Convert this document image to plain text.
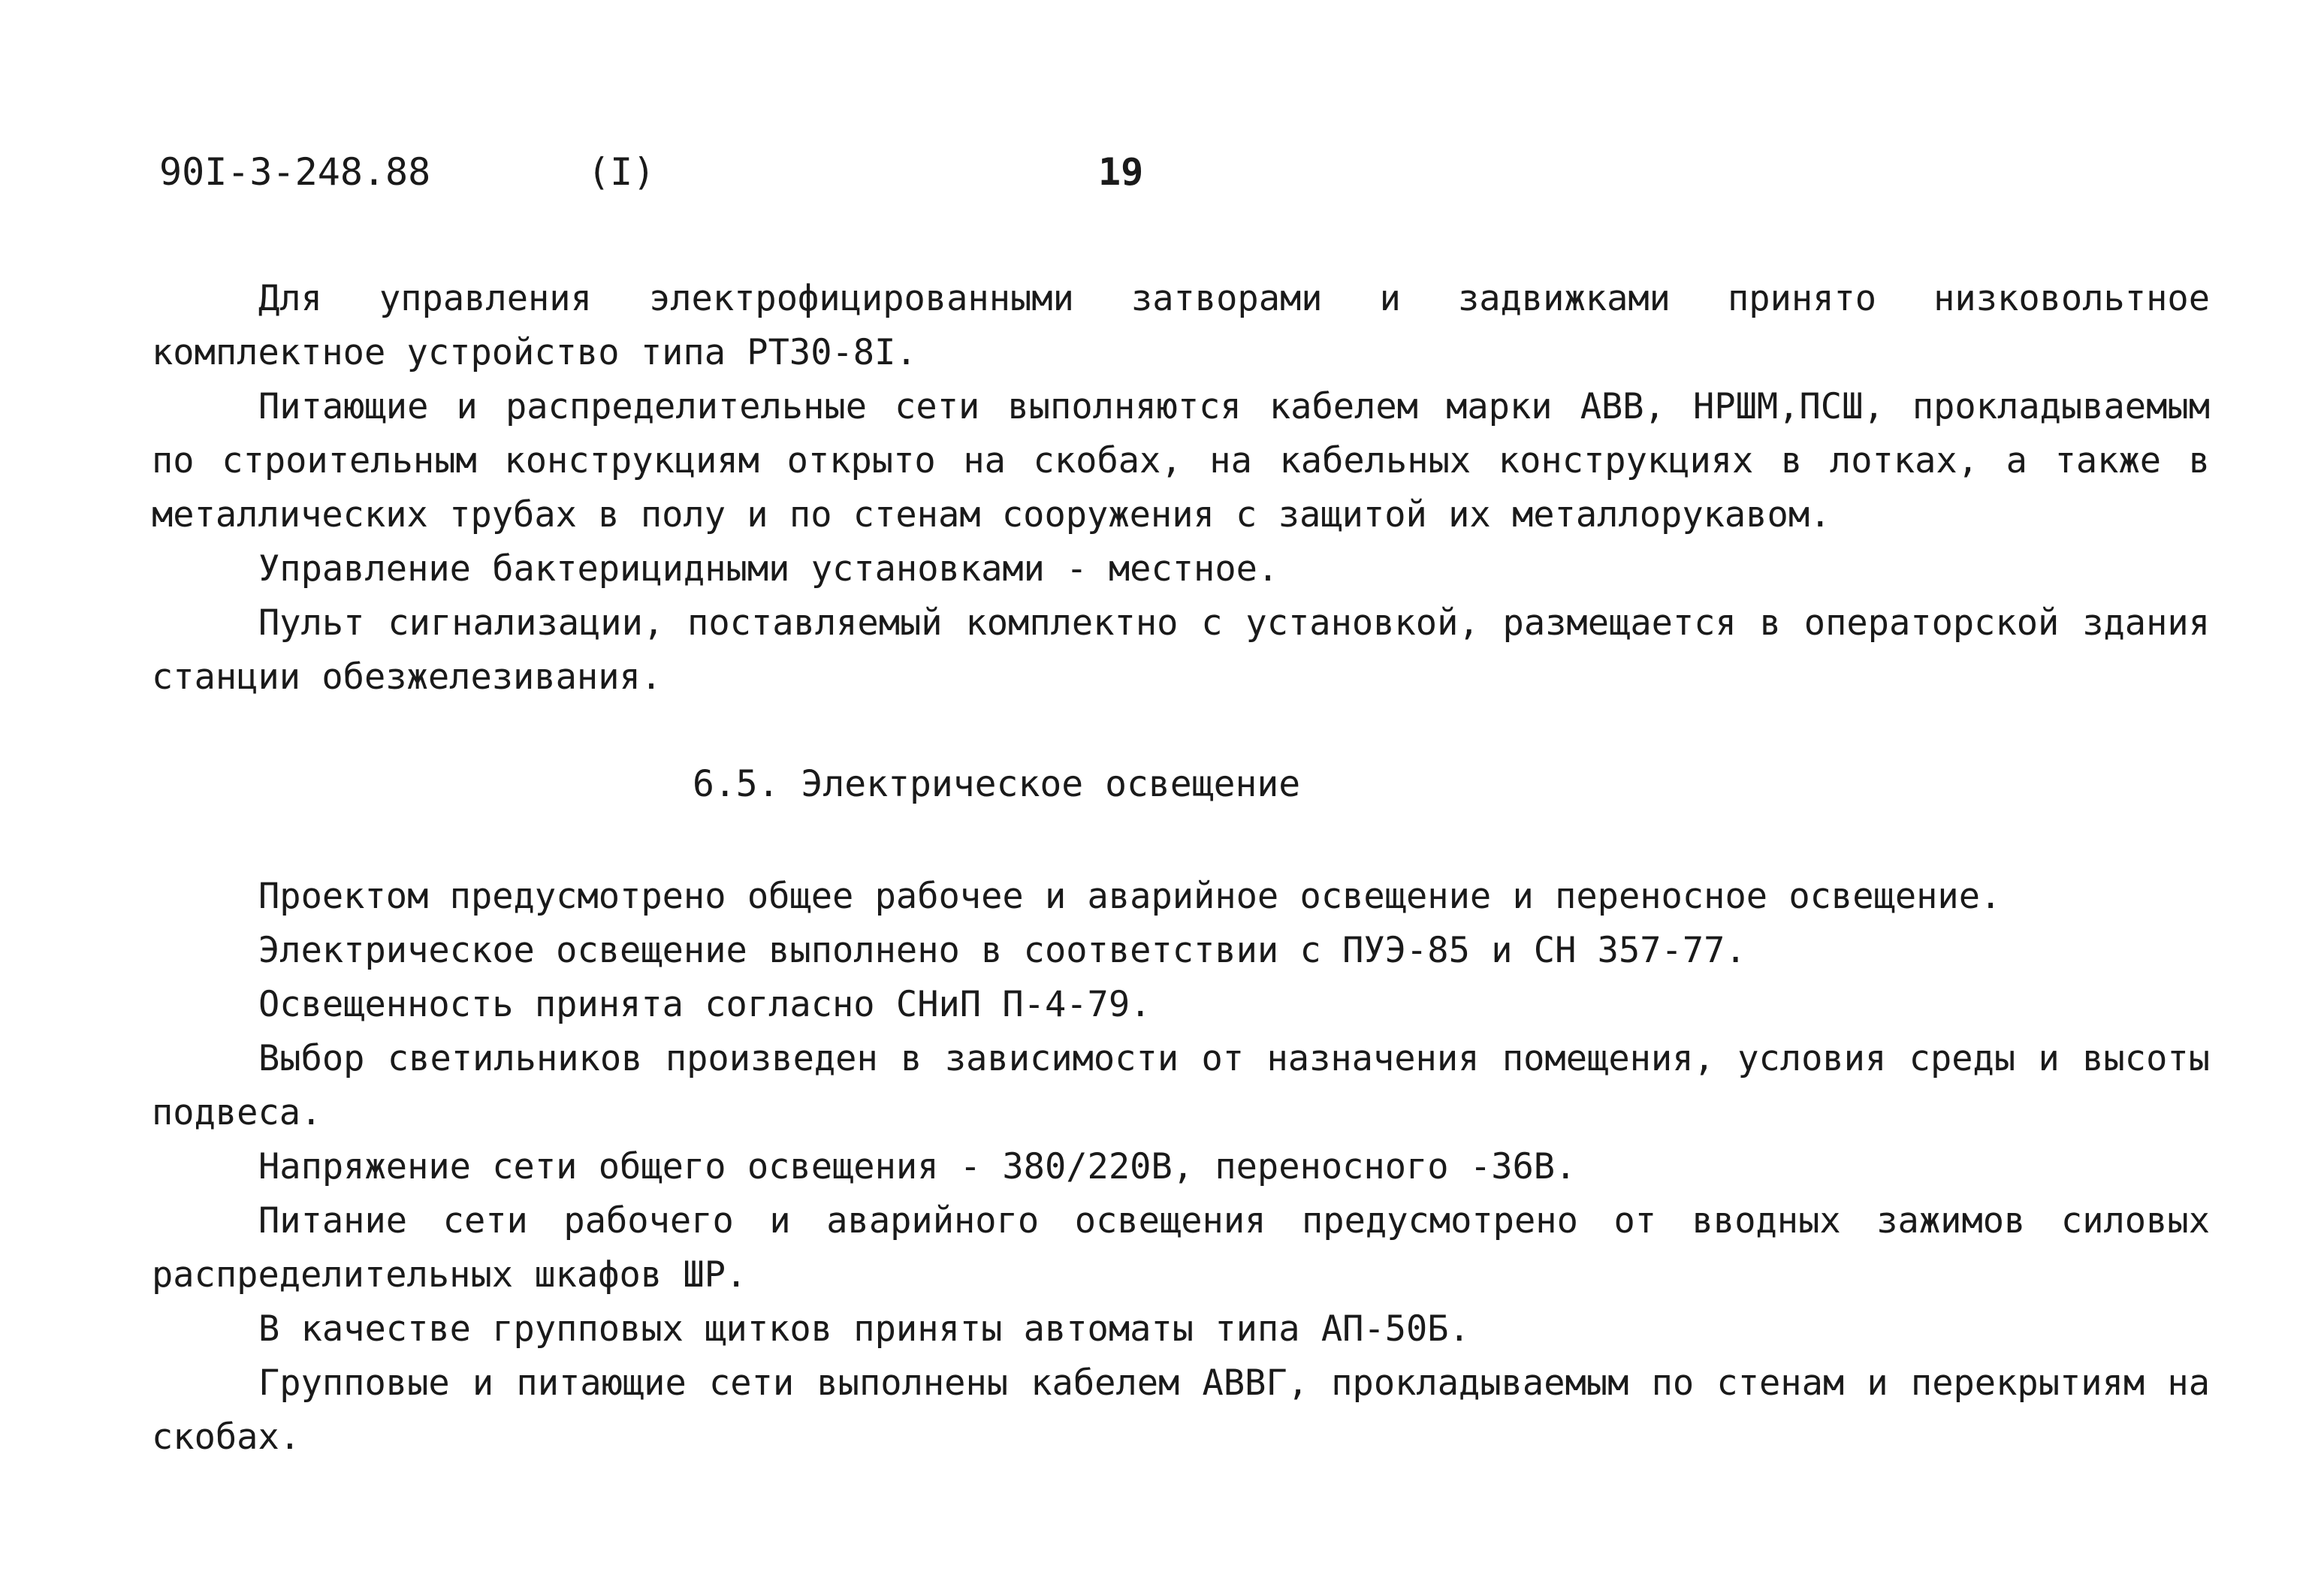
90I-3-248.88	(I)	19

Для управления электрофицированными затворами и задвижками принято низковольтное комплектное устройство типа РТ30-8I.

Питающие и распределительные сети выполняются кабелем марки АВВ, НРШМ,ПСШ, прокладываемым по строительным конструкциям открыто на скобах, на кабельных конструкциях в лотках, а также в металлических трубах в полу и по стенам сооружения с защитой их металлорукавом.

Управление бактерицидными установками - местное.

Пульт сигнализации, поставляемый комплектно с установкой, размещается в операторской здания станции обезжелезивания.

6.5. Электрическое освещение

Проектом предусмотрено общее рабочее и аварийное освещение и переносное освещение.

Электрическое освещение выполнено в соответствии с ПУЭ-85 и СН 357-77.

Освещенность принята согласно СНиП П-4-79.

Выбор светильников произведен в зависимости от назначения помещения, условия среды и высоты подвеса.

Напряжение сети общего освещения - 380/220В, переносного -36В.

Питание сети рабочего и аварийного освещения предусмотрено от вводных зажимов силовых распределительных шкафов ШР.

В качестве групповых щитков приняты автоматы типа АП-50Б.

Групповые и питающие сети выполнены кабелем АВВГ, прокладываемым по стенам и перекрытиям на скобах.
